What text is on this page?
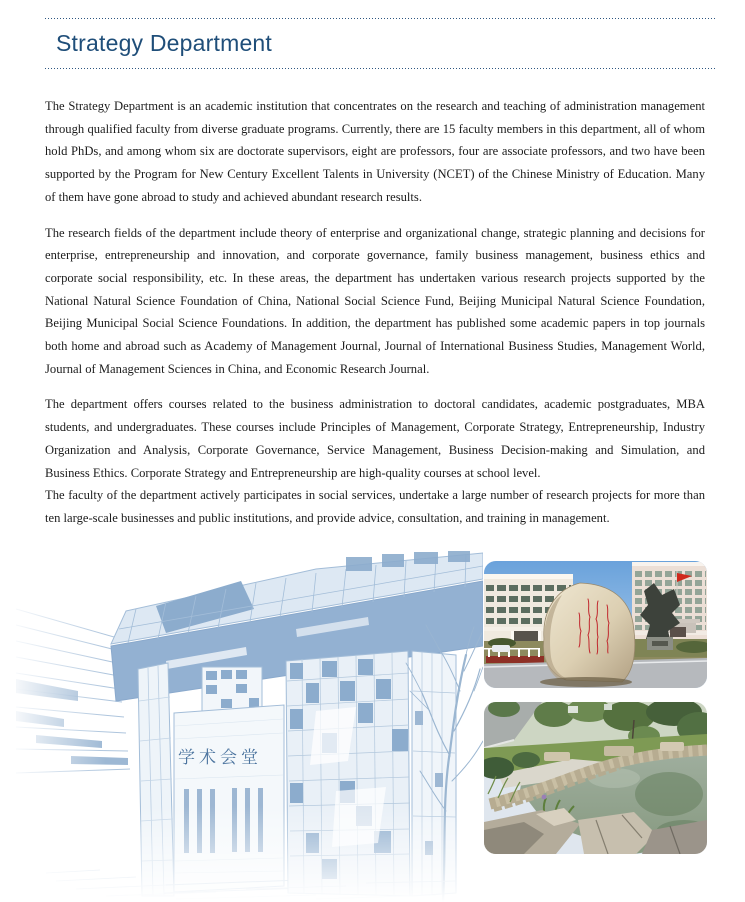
Strategy Department

The Strategy Department is an academic institution that concentrates on the research and teaching of administration management through qualified faculty from diverse graduate programs. Currently, there are 15 faculty members in this department, all of whom hold PhDs, and among whom six are doctorate supervisors, eight are professors, four are associate professors, and two have been supported by the Program for New Century Excellent Talents in University (NCET) of the Chinese Ministry of Education. Many of them have gone abroad to study and achieved abundant research results.

The research fields of the department include theory of enterprise and organizational change, strategic planning and decisions for enterprise, entrepreneurship and innovation, and corporate governance, family business management, business ethics and corporate social responsibility, etc. In these areas, the department has undertaken various research projects supported by the National Natural Science Foundation of China, National Social Science Fund, Beijing Municipal Natural Science Foundation, Beijing Municipal Social Science Foundations. In addition, the department has published some academic papers in top journals both home and abroad such as Academy of Management Journal, Journal of International Business Studies, Management World, Journal of Management Sciences in China, and Economic Research Journal.

The department offers courses related to the business administration to doctoral candidates, academic postgraduates, MBA students, and undergraduates. These courses include Principles of Management, Corporate Strategy, Entrepreneurship, Industry Organization and Analysis, Corporate Governance, Service Management, Business Decision-making and Simulation, and Business Ethics. Corporate Strategy and Entrepreneurship are high-quality courses at school level.

The faculty of the department actively participates in social services, undertake a large number of research projects for more than ten large-scale businesses and public institutions, and provide advice, consultation, and training in management.

学术会堂
